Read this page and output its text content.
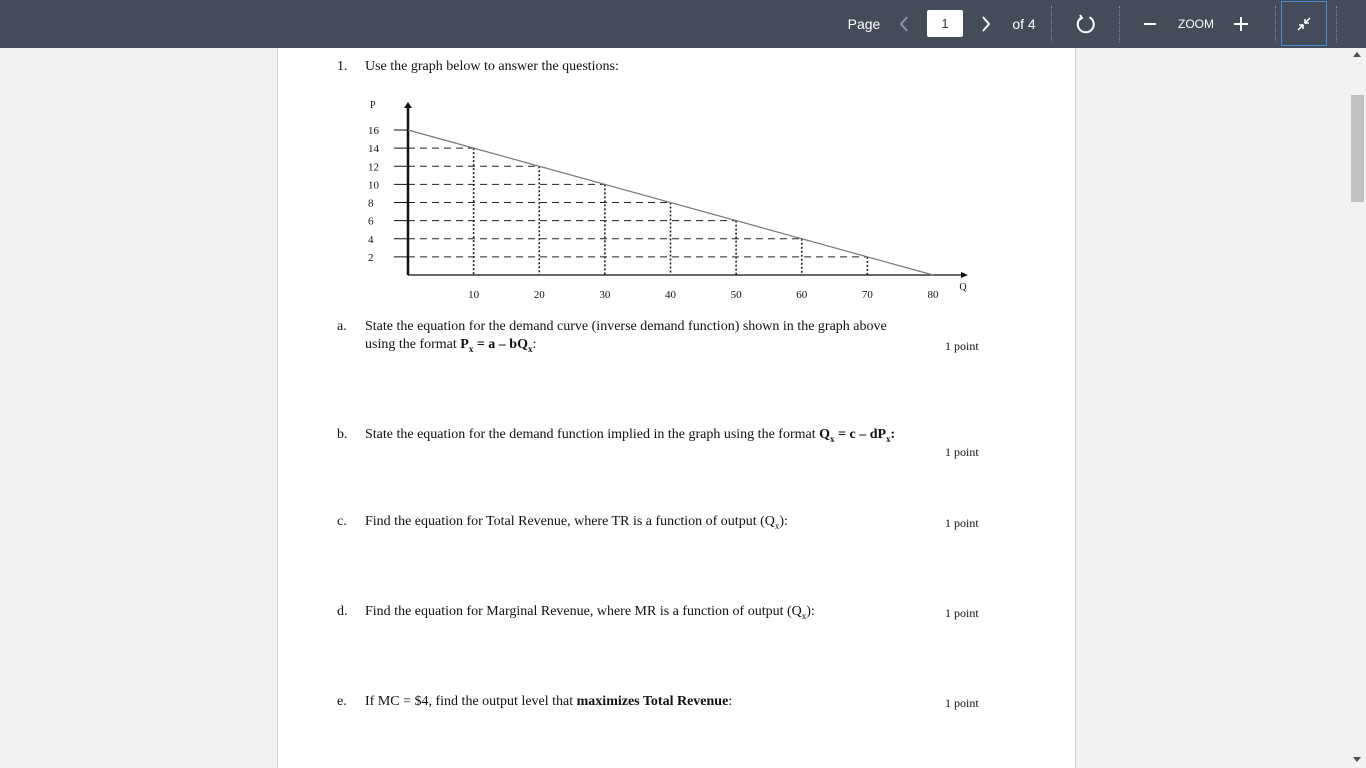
Page
1	of 4	ZOOM
1. Use the graph below to answer the questions:
2
4
6
8
10
12
14
16
10	20	30	40	50	60	70	80
P
Q
a. State the equation for the demand curve (inverse demand function) shown in the graph above
using the format $P_x = a - bQ_x$:	1 point
b. State the equation for the demand function implied in the graph using the format $Q_x = c - dP_x$:
1 point
c. Find the equation for Total Revenue, where TR is a function of output $(Q_x)$:	1 point
d. Find the equation for Marginal Revenue, where MR is a function of output $(Q_x)$:	1 point
e. If MC = $4, find the output level that maximizes Total Revenue:	1 point
